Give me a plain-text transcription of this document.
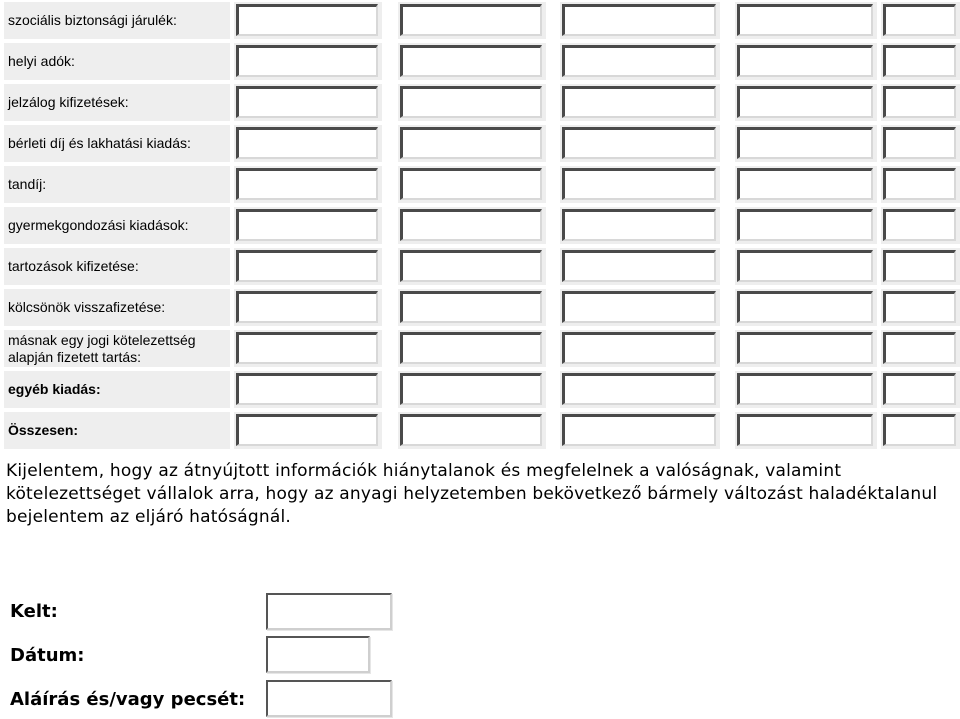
szociális biztonsági járulék:
helyi adók:
jelzálog kifizetések:
bérleti díj és lakhatási kiadás:
tandíj:
gyermekgondozási kiadások:
tartozások kifizetése:
kölcsönök visszafizetése:
másnak egy jogi kötelezettség alapján fizetett tartás:
egyéb kiadás:
Összesen:

Kijelentem, hogy az átnyújtott információk hiánytalanok és megfelelnek a valóságnak, valamint kötelezettséget vállalok arra, hogy az anyagi helyzetemben bekövetkező bármely változást haladéktalanul bejelentem az eljáró hatóságnál.

Kelt:
Dátum:
Aláírás és/vagy pecsét:
